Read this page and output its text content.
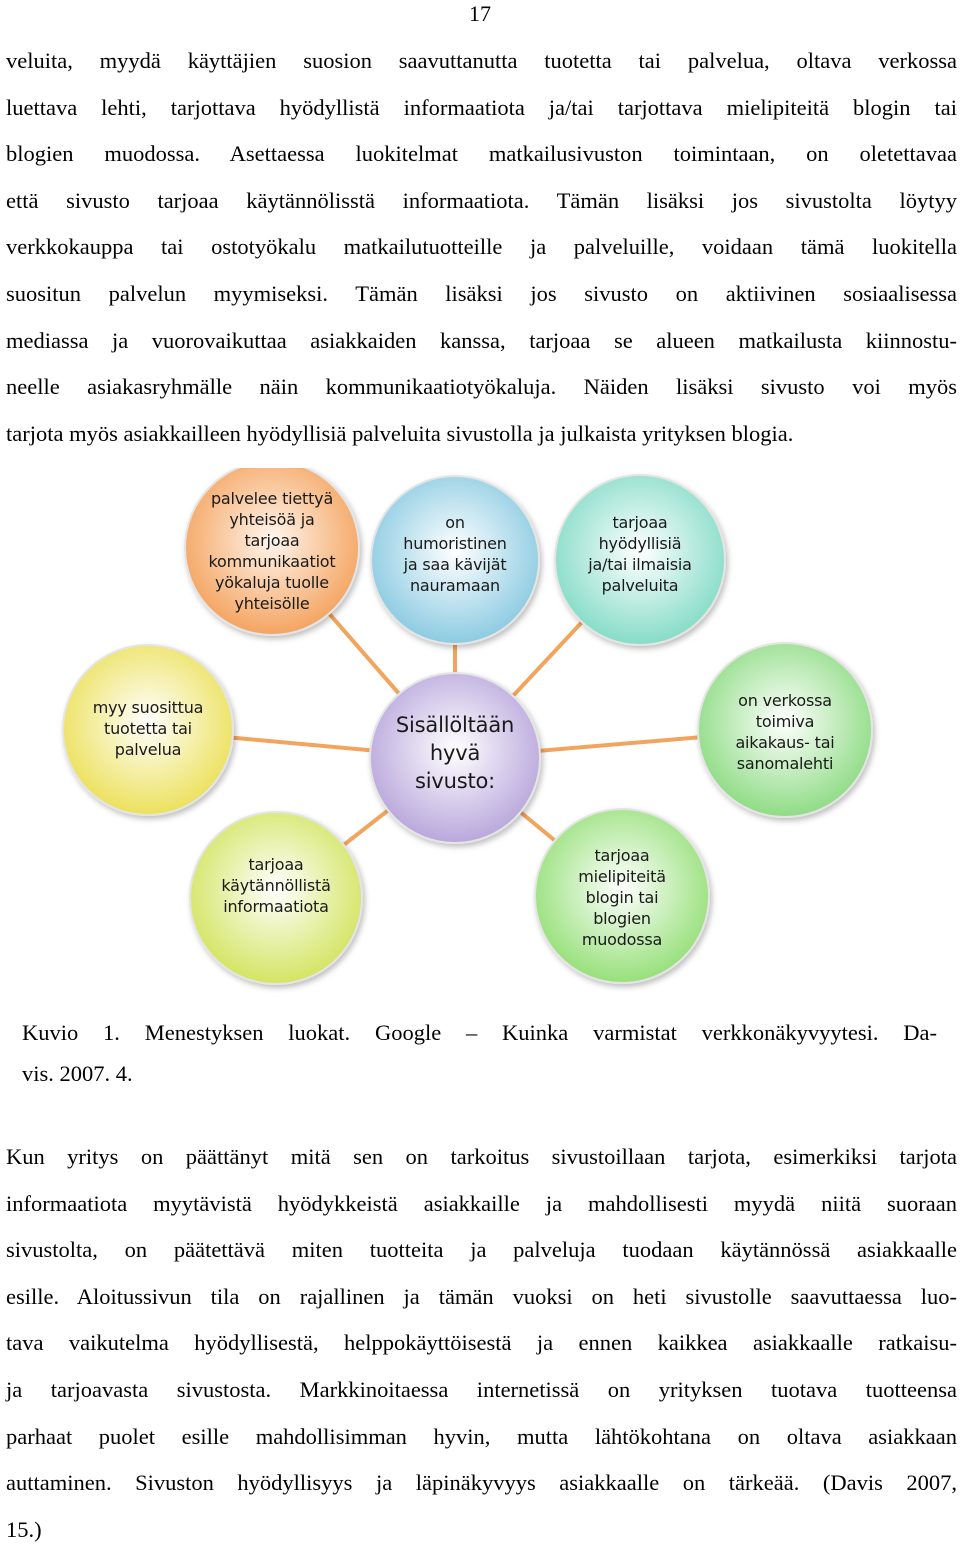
17
veluita, myydä käyttäjien suosion saavuttanutta tuotetta tai palvelua, oltava verkossa
luettava lehti, tarjottava hyödyllistä informaatiota ja/tai tarjottava mielipiteitä blogin tai
blogien muodossa. Asettaessa luokitelmat matkailusivuston toimintaan, on oletettavaa
että sivusto tarjoaa käytännölisstä informaatiota. Tämän lisäksi jos sivustolta löytyy
verkkokauppa tai ostotyökalu matkailutuotteille ja palveluille, voidaan tämä luokitella
suositun palvelun myymiseksi. Tämän lisäksi jos sivusto on aktiivinen sosiaalisessa
mediassa ja vuorovaikuttaa asiakkaiden kanssa, tarjoaa se alueen matkailusta kiinnostu-
neelle asiakasryhmälle näin kommunikaatiotyökaluja. Näiden lisäksi sivusto voi myös
tarjota myös asiakkailleen hyödyllisiä palveluita sivustolla ja julkaista yrityksen blogia.
palvelee tiettyä
yhteisöä ja
tarjoaa
kommunikaatiot
yökaluja tuolle
yhteisölle
on
humoristinen
ja saa kävijät
nauramaan
tarjoaa
hyödyllisiä
ja/tai ilmaisia
palveluita
myy suosittua
tuotetta tai
palvelua
on verkossa
toimiva
aikakaus- tai
sanomalehti
tarjoaa
käytännöllistä
informaatiota
tarjoaa
mielipiteitä
blogin tai
blogien
muodossa
Sisällöltään
hyvä
sivusto:
Kuvio 1. Menestyksen luokat. Google – Kuinka varmistat verkkonäkyvyytesi. Da-
vis. 2007. 4.
Kun yritys on päättänyt mitä sen on tarkoitus sivustoillaan tarjota, esimerkiksi tarjota
informaatiota myytävistä hyödykkeistä asiakkaille ja mahdollisesti myydä niitä suoraan
sivustolta, on päätettävä miten tuotteita ja palveluja tuodaan käytännössä asiakkaalle
esille. Aloitussivun tila on rajallinen ja tämän vuoksi on heti sivustolle saavuttaessa luo-
tava vaikutelma hyödyllisestä, helppokäyttöisestä ja ennen kaikkea asiakkaalle ratkaisu-
ja tarjoavasta sivustosta. Markkinoitaessa internetissä on yrityksen tuotava tuotteensa
parhaat puolet esille mahdollisimman hyvin, mutta lähtökohtana on oltava asiakkaan
auttaminen. Sivuston hyödyllisyys ja läpinäkyvyys asiakkaalle on tärkeää. (Davis 2007,
15.)
